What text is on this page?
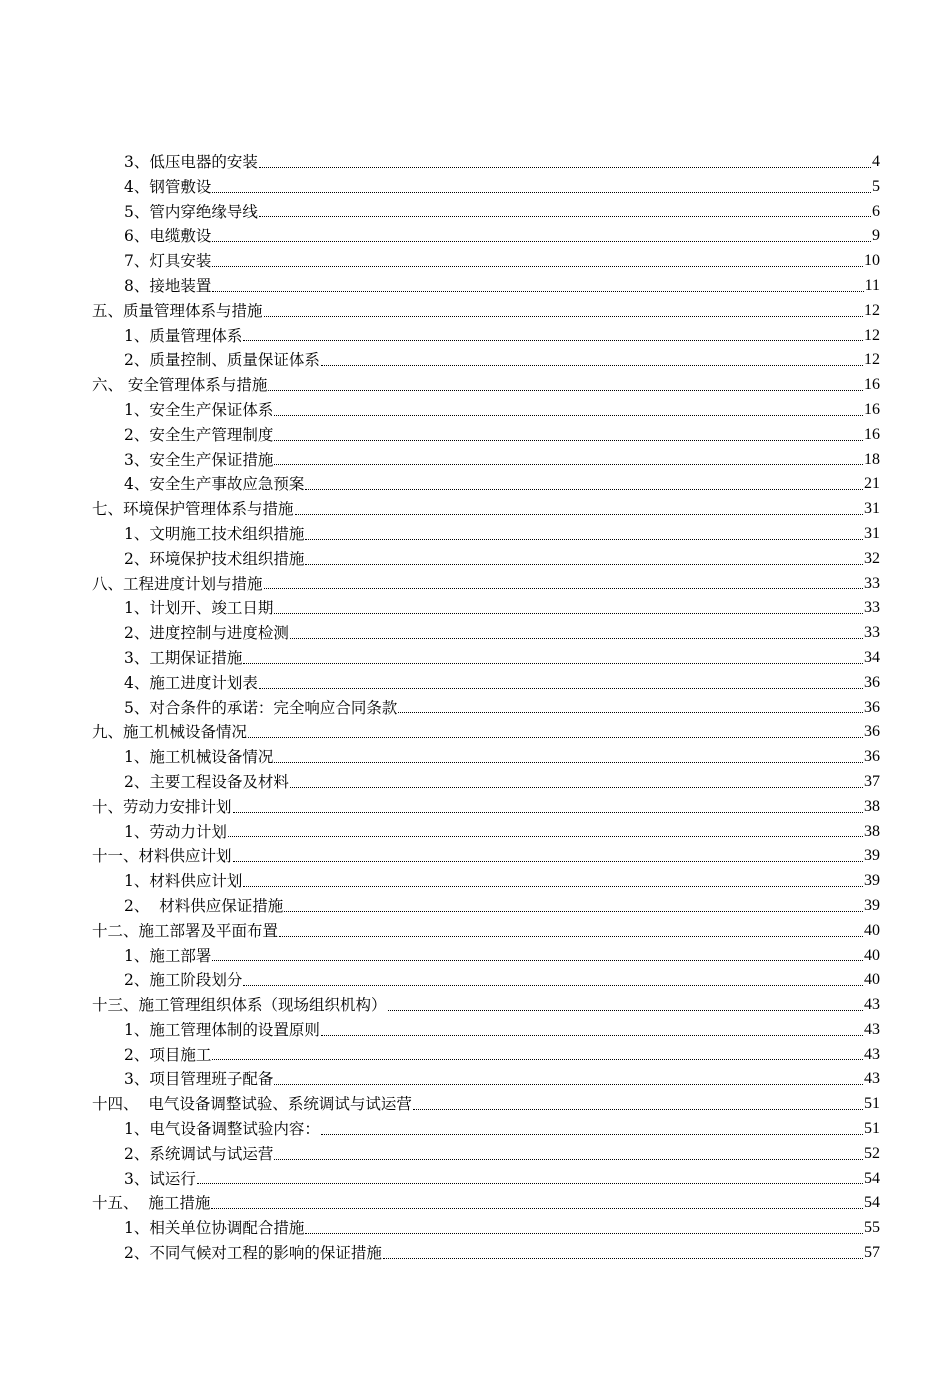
3、低压电器的安装	4
4、钢管敷设	5
5、管内穿绝缘导线	6
6、电缆敷设	9
7、灯具安装	10
8、接地装置	11
五、质量管理体系与措施	12
1、质量管理体系	12
2、质量控制、质量保证体系	12
六、 安全管理体系与措施	16
1、安全生产保证体系	16
2、安全生产管理制度	16
3、安全生产保证措施	18
4、安全生产事故应急预案	21
七、环境保护管理体系与措施	31
1、文明施工技术组织措施	31
2、环境保护技术组织措施	32
八、工程进度计划与措施	33
1、计划开、竣工日期	33
2、进度控制与进度检测	33
3、工期保证措施	34
4、施工进度计划表	36
5、对合条件的承诺：完全响应合同条款	36
九、施工机械设备情况	36
1、施工机械设备情况	36
2、主要工程设备及材料	37
十、劳动力安排计划	38
1、劳动力计划	38
十一、材料供应计划	39
1、材料供应计划	39
2、  材料供应保证措施	39
十二、施工部署及平面布置	40
1、施工部署	40
2、施工阶段划分	40
十三、施工管理组织体系（现场组织机构）	43
1、施工管理体制的设置原则	43
2、项目施工	43
3、项目管理班子配备	43
十四、  电气设备调整试验、系统调试与试运营	51
1、电气设备调整试验内容：	51
2、系统调试与试运营	52
3、试运行	54
十五、  施工措施	54
1、相关单位协调配合措施	55
2、不同气候对工程的影响的保证措施	57
